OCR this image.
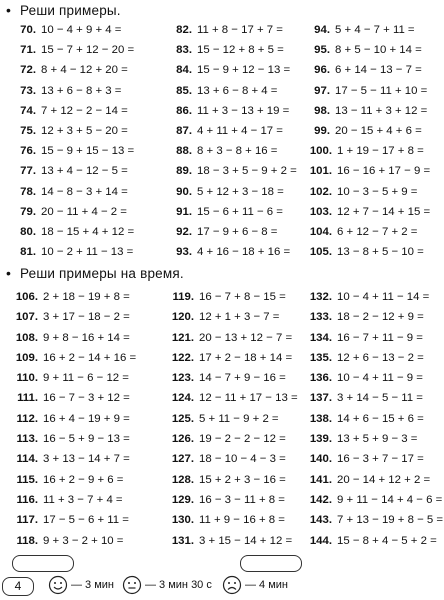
• Реши примеры.
70. 10 − 4 + 9 + 4 =	82. 11 + 8 − 17 + 7 =	94. 5 + 4 − 7 + 11 =
71. 15 − 7 + 12 − 20 =	83. 15 − 12 + 8 + 5 =	95. 8 + 5 − 10 + 14 =
72. 8 + 4 − 12 + 20 =	84. 15 − 9 + 12 − 13 =	96. 6 + 14 − 13 − 7 =
73. 13 + 6 − 8 + 3 =	85. 13 + 6 − 8 + 4 =	97. 17 − 5 − 11 + 10 =
74. 7 + 12 − 2 − 14 =	86. 11 + 3 − 13 + 19 =	98. 13 − 11 + 3 + 12 =
75. 12 + 3 + 5 − 20 =	87. 4 + 11 + 4 − 17 =	99. 20 − 15 + 4 + 6 =
76. 15 − 9 + 15 − 13 =	88. 8 + 3 − 8 + 16 =	100. 1 + 19 − 17 + 8 =
77. 13 + 4 − 12 − 5 =	89. 18 − 3 + 5 − 9 + 2 =	101. 16 − 16 + 17 − 9 =
78. 14 − 8 − 3 + 14 =	90. 5 + 12 + 3 − 18 =	102. 10 − 3 − 5 + 9 =
79. 20 − 11 + 4 − 2 =	91. 15 − 6 + 11 − 6 =	103. 12 + 7 − 14 + 15 =
80. 18 − 15 + 4 + 12 =	92. 17 − 9 + 6 − 8 =	104. 6 + 12 − 7 + 2 =
81. 10 − 2 + 11 − 13 =	93. 4 + 16 − 18 + 16 =	105. 13 − 8 + 5 − 10 =
• Реши примеры на время.
106. 2 + 18 − 19 + 8 =	119. 16 − 7 + 8 − 15 =	132. 10 − 4 + 11 − 14 =
107. 3 + 17 − 18 − 2 =	120. 12 + 1 + 3 − 7 =	133. 18 − 2 − 12 + 9 =
108. 9 + 8 − 16 + 14 =	121. 20 − 13 + 12 − 7 =	134. 16 − 7 + 11 − 9 =
109. 16 + 2 − 14 + 16 =	122. 17 + 2 − 18 + 14 =	135. 12 + 6 − 13 − 2 =
110. 9 + 11 − 6 − 12 =	123. 14 − 7 + 9 − 16 =	136. 10 − 4 + 11 − 9 =
111. 16 − 7 − 3 + 12 =	124. 12 − 11 + 17 − 13 =	137. 3 + 14 − 5 − 11 =
112. 16 + 4 − 19 + 9 =	125. 5 + 11 − 9 + 2 =	138. 14 + 6 − 15 + 6 =
113. 16 − 5 + 9 − 13 =	126. 19 − 2 − 2 − 12 =	139. 13 + 5 + 9 − 3 =
114. 3 + 13 − 14 + 7 =	127. 18 − 10 − 4 − 3 =	140. 16 − 3 + 7 − 17 =
115. 16 + 2 − 9 + 6 =	128. 15 + 2 + 3 − 16 =	141. 20 − 14 + 12 + 2 =
116. 11 + 3 − 7 + 4 =	129. 16 − 3 − 11 + 8 =	142. 9 + 11 − 14 + 4 − 6 =
117. 17 − 5 − 6 + 11 =	130. 11 + 9 − 16 + 8 =	143. 7 + 13 − 19 + 8 − 5 =
118. 9 + 3 − 2 + 10 =	131. 3 + 15 − 14 + 12 =	144. 15 − 8 + 4 − 5 + 2 =
4	— 3 мин	— 3 мин 30 с	— 4 мин
